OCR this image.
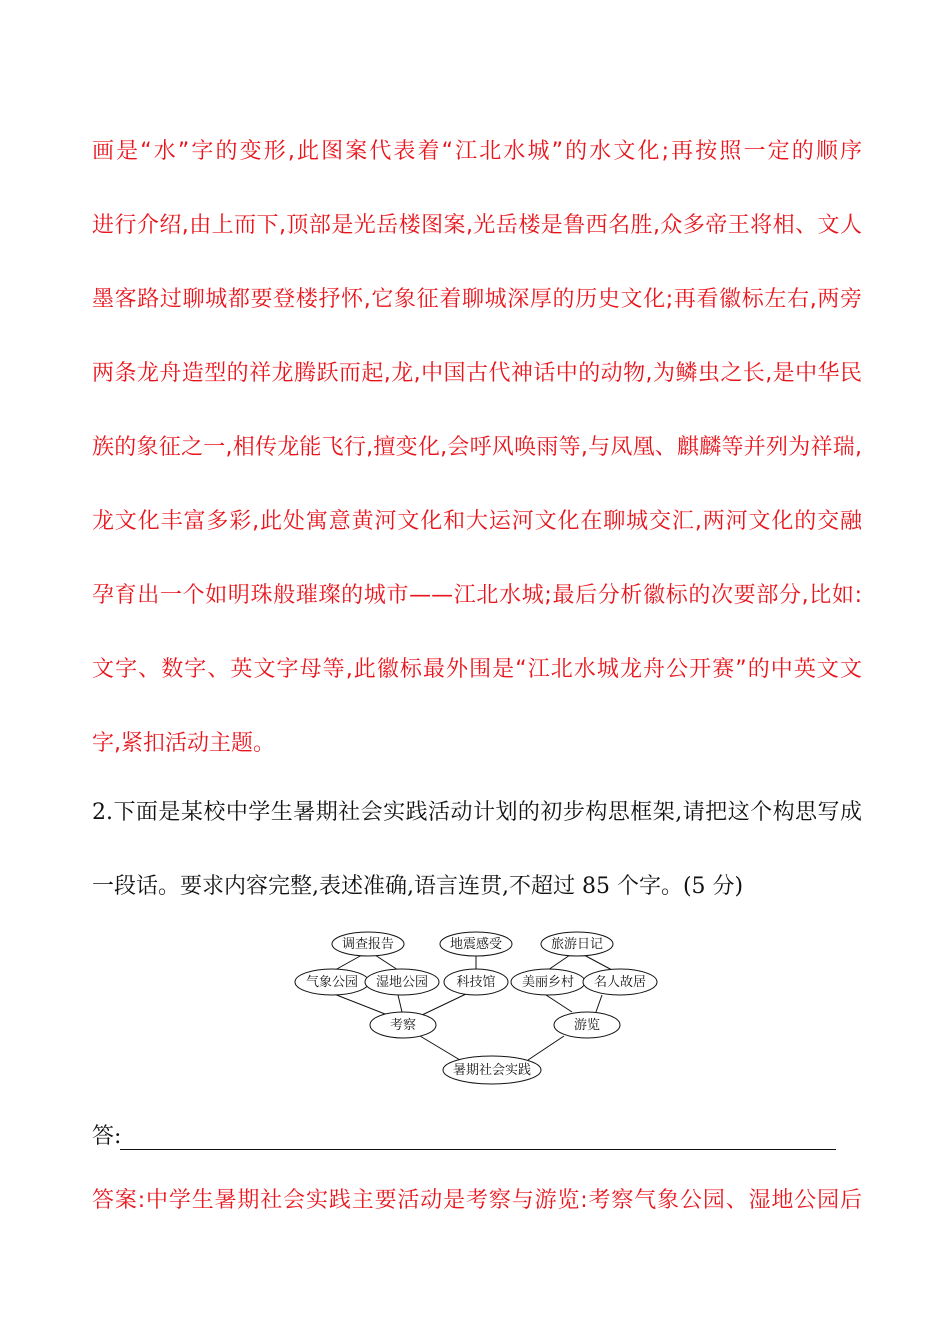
画是“水”字的变形,此图案代表着“江北水城”的水文化;再按照一定的顺序
进行介绍,由上而下,顶部是光岳楼图案,光岳楼是鲁西名胜,众多帝王将相、文人
墨客路过聊城都要登楼抒怀,它象征着聊城深厚的历史文化;再看徽标左右,两旁
两条龙舟造型的祥龙腾跃而起,龙,中国古代神话中的动物,为鳞虫之长,是中华民
族的象征之一,相传龙能飞行,擅变化,会呼风唤雨等,与凤凰、麒麟等并列为祥瑞,
龙文化丰富多彩,此处寓意黄河文化和大运河文化在聊城交汇,两河文化的交融
孕育出一个如明珠般璀璨的城市——江北水城;最后分析徽标的次要部分,比如:
文字、数字、英文字母等,此徽标最外围是“江北水城龙舟公开赛”的中英文文
字,紧扣活动主题。
2.下面是某校中学生暑期社会实践活动计划的初步构思框架,请把这个构思写成
一段话。要求内容完整,表述准确,语言连贯,不超过 85 个字。(5 分)
调查报告	地震感受	旅游日记
气象公园 湿地公园 科技馆 美丽乡村 名人故居
考察	游览
暑期社会实践
答:
答案:中学生暑期社会实践主要活动是考察与游览:考察气象公园、湿地公园后
